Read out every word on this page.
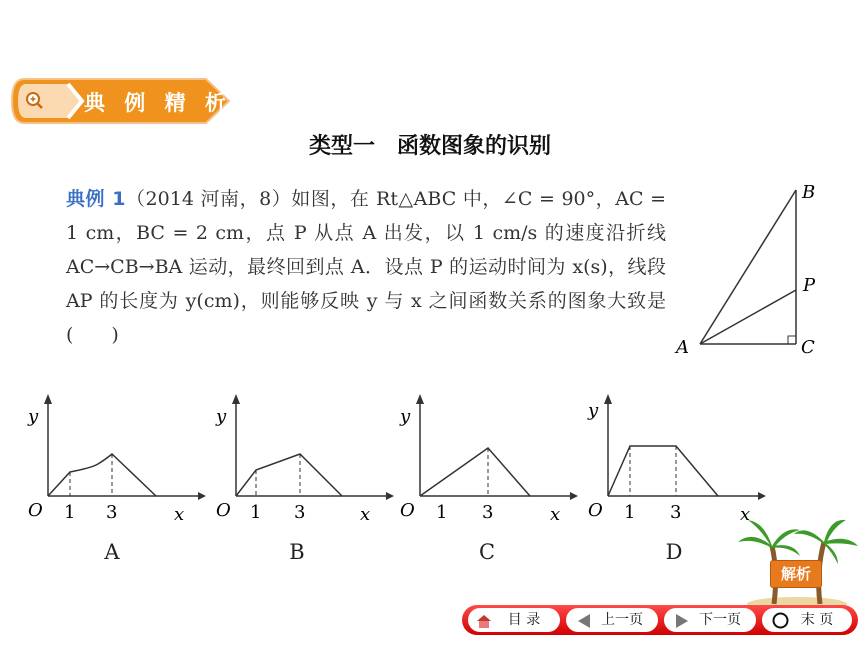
典 例 精 析
类型一　函数图象的识别
典例 1（2014 河南，8）如图，在 Rt△ABC 中，∠C = 90°，AC = 1 cm，BC = 2 cm，点 P 从点 A 出发，以 1 cm/s 的速度沿折线 AC→CB→BA 运动，最终回到点 A．设点 P 的运动时间为 x(s)，线段 AP 的长度为 y(cm)，则能够反映 y 与 x 之间函数关系的图象大致是(　　)
A
B
C
P
y
O 1 3	x
A
y
O 1 3	x
B
y
O 1 3	x
C
y
O 1 3	x
D
解析
目 录	上一页	下一页	末 页
